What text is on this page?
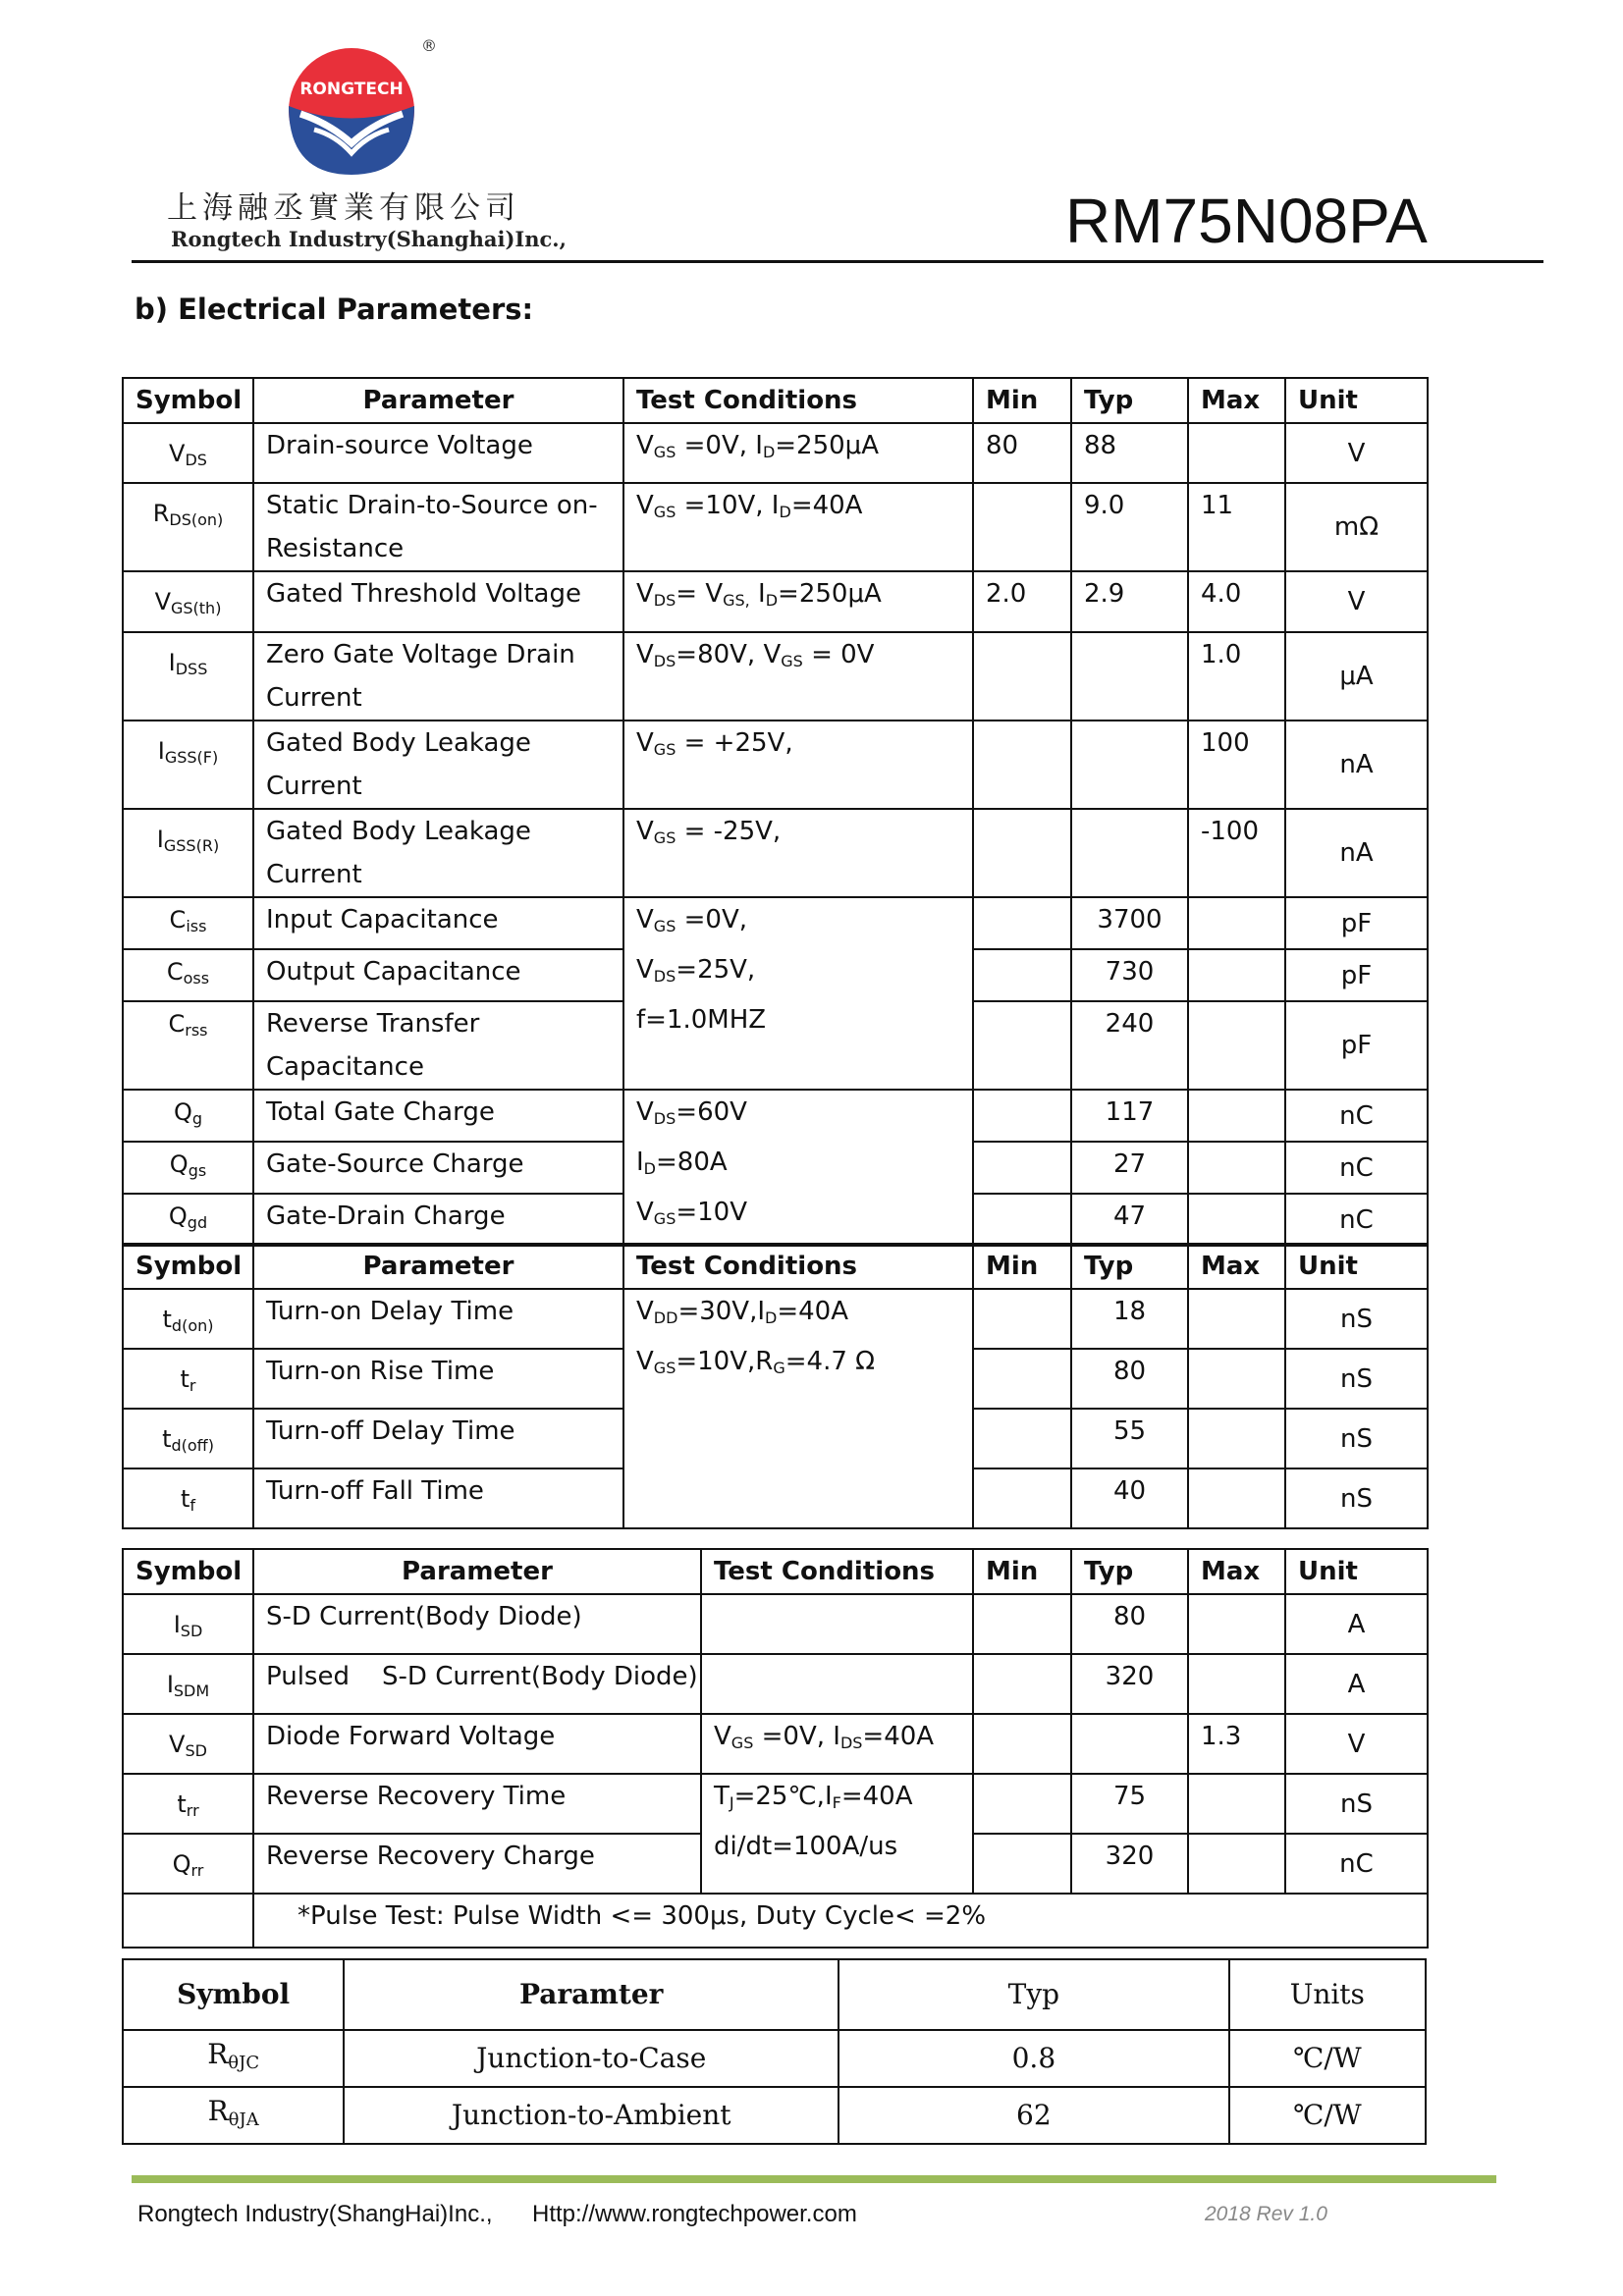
RONGTECH
®
上海融丞實業有限公司
Rongtech Industry(Shanghai)Inc.,	RM75N08PA
b) Electrical Parameters:
Symbol	Parameter	Test Conditions	Min	Typ	Max	Unit
$V_{DS}$	Drain-source Voltage	$V_{GS} =0V$, $I_D=250\mu A$	80	88		V
$R_{DS(on)}$	Static Drain-to-Source on-Resistance	$V_{GS} =10V$, $I_D=40A$		9.0	11	mΩ
$V_{GS(th)}$	Gated Threshold Voltage	$V_{DS}= V_{GS,}$ $I_D=250\mu A$	2.0	2.9	4.0	V
$I_{DSS}$	Zero Gate Voltage Drain Current	$V_{DS}=80V$, $V_{GS} = 0V$			1.0	μA
$I_{GSS(F)}$	Gated Body Leakage Current	$V_{GS} = +25V$,			100	nA
$I_{GSS(R)}$	Gated Body Leakage Current	$V_{GS} = -25V$,			-100	nA
$C_{iss}$	Input Capacitance	$V_{GS} =0V$,
$V_{DS}=25V$,
f=1.0MHZ		3700		pF
$C_{oss}$	Output Capacitance			730		pF
$C_{rss}$	Reverse Transfer Capacitance			240		pF
$Q_g$	Total Gate Charge	$V_{DS}=60V$
$I_D=80A$
$V_{GS}=10V$		117		nC
$Q_{gs}$	Gate-Source Charge			27		nC
$Q_{gd}$	Gate-Drain Charge			47		nC
Symbol	Parameter	Test Conditions	Min	Typ	Max	Unit
$t_{d(on)}$	Turn-on Delay Time	$V_{DD}=30V,I_D=40A$
$V_{GS}=10V,R_G=4.7$ Ω		18		nS
$t_r$	Turn-on Rise Time			80		nS
$t_{d(off)}$	Turn-off Delay Time			55		nS
$t_f$	Turn-off Fall Time			40		nS
Symbol	Parameter	Test Conditions	Min	Typ	Max	Unit
$I_{SD}$	S-D Current(Body Diode)			80		A
$I_{SDM}$	Pulsed    S-D Current(Body Diode)			320		A
$V_{SD}$	Diode Forward Voltage	$V_{GS} =0V$, $I_{DS}=40A$			1.3	V
$t_{rr}$	Reverse Recovery Time	$T_J=25℃,I_F=40A$
di/dt=100A/us		75		nS
$Q_{rr}$	Reverse Recovery Charge			320		nC
	*Pulse Test: Pulse Width <= 300μs, Duty Cycle< =2%					
Symbol	Paramter	Typ	Units
$R_{\theta JC}$	Junction-to-Case	0.8	℃/W
$R_{\theta JA}$	Junction-to-Ambient	62	℃/W
Rongtech Industry(ShangHai)Inc., Http://www.rongtechpower.com	2018 Rev 1.0
